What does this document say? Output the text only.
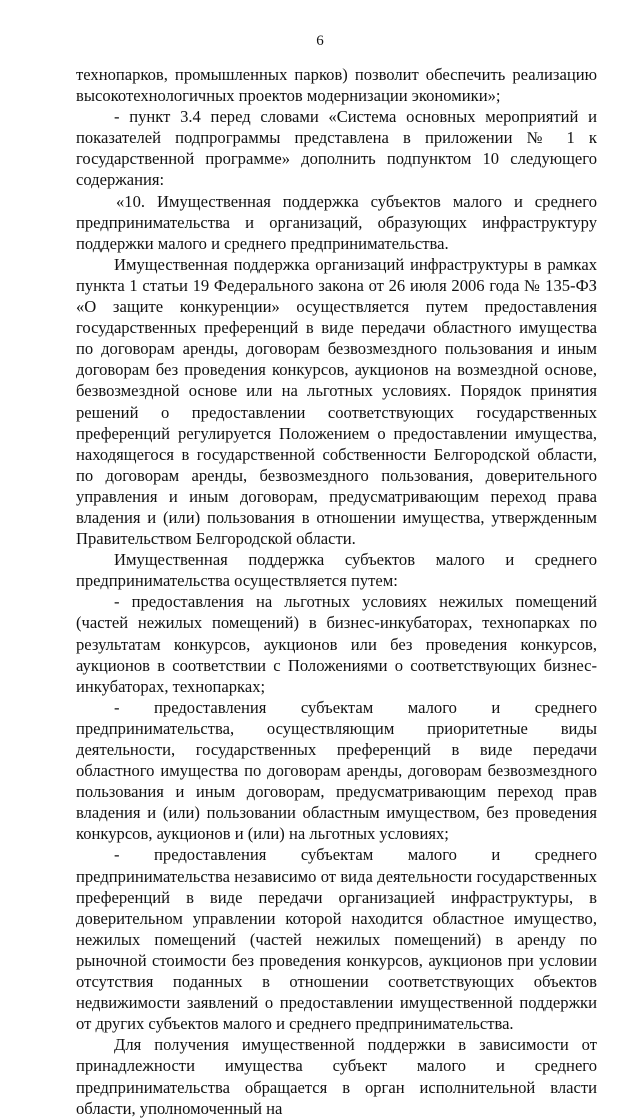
6

технопарков, промышленных парков) позволит обеспечить реализацию высокотехнологичных проектов модернизации экономики»;

- пункт 3.4 перед словами «Система основных мероприятий и показателей подпрограммы представлена в приложении № 1 к государственной программе» дополнить подпунктом 10 следующего содержания:

«10. Имущественная поддержка субъектов малого и среднего предпринимательства и организаций, образующих инфраструктуру поддержки малого и среднего предпринимательства.

Имущественная поддержка организаций инфраструктуры в рамках пункта 1 статьи 19 Федерального закона от 26 июля 2006 года № 135-ФЗ «О защите конкуренции» осуществляется путем предоставления государственных преференций в виде передачи областного имущества по договорам аренды, договорам безвозмездного пользования и иным договорам без проведения конкурсов, аукционов на возмездной основе, безвозмездной основе или на льготных условиях. Порядок принятия решений о предоставлении соответствующих государственных преференций регулируется Положением о предоставлении имущества, находящегося в государственной собственности Белгородской области, по договорам аренды, безвозмездного пользования, доверительного управления и иным договорам, предусматривающим переход права владения и (или) пользования в отношении имущества, утвержденным Правительством Белгородской области.

Имущественная поддержка субъектов малого и среднего предпринимательства осуществляется путем:

- предоставления на льготных условиях нежилых помещений (частей нежилых помещений) в бизнес-инкубаторах, технопарках по результатам конкурсов, аукционов или без проведения конкурсов, аукционов в соответствии с Положениями о соответствующих бизнес-инкубаторах, технопарках;

- предоставления субъектам малого и среднего предпринимательства, осуществляющим приоритетные виды деятельности, государственных преференций в виде передачи областного имущества по договорам аренды, договорам безвозмездного пользования и иным договорам, предусматривающим переход прав владения и (или) пользовании областным имуществом, без проведения конкурсов, аукционов и (или) на льготных условиях;

- предоставления субъектам малого и среднего предпринимательства независимо от вида деятельности государственных преференций в виде передачи организацией инфраструктуры, в доверительном управлении которой находится областное имущество, нежилых помещений (частей нежилых помещений) в аренду по рыночной стоимости без проведения конкурсов, аукционов при условии отсутствия поданных в отношении соответствующих объектов недвижимости заявлений о предоставлении имущественной поддержки от других субъектов малого и среднего предпринимательства.

Для получения имущественной поддержки в зависимости от принадлежности имущества субъект малого и среднего предпринимательства обращается в орган исполнительной власти области, уполномоченный на
